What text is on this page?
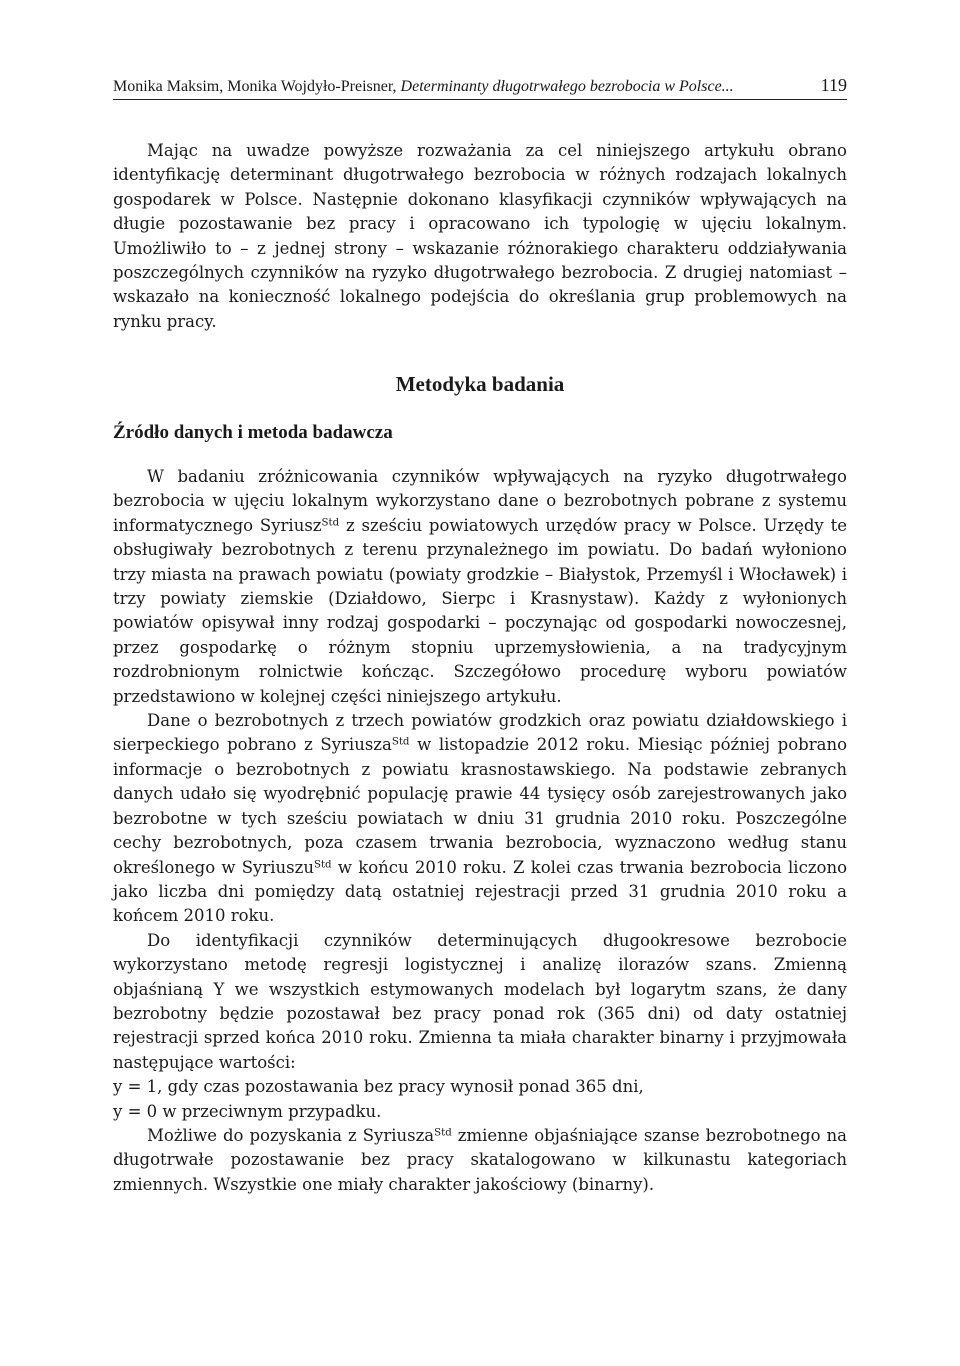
Monika Maksim, Monika Wojdyło-Preisner, Determinanty długotrwałego bezrobocia w Polsce...	119

Mając na uwadze powyższe rozważania za cel niniejszego artykułu obrano identyfikację determinant długotrwałego bezrobocia w różnych rodzajach lokalnych gospodarek w Polsce. Następnie dokonano klasyfikacji czynników wpływających na długie pozostawanie bez pracy i opracowano ich typologię w ujęciu lokalnym. Umożliwiło to – z jednej strony – wskazanie różnorakiego charakteru oddziaływania poszczególnych czynników na ryzyko długotrwałego bezrobocia. Z drugiej natomiast – wskazało na konieczność lokalnego podejścia do określania grup problemowych na rynku pracy.

Metodyka badania
Źródło danych i metoda badawcza

W badaniu zróżnicowania czynników wpływających na ryzyko długotrwałego bezrobocia w ujęciu lokalnym wykorzystano dane o bezrobotnych pobrane z systemu informatycznego Syriusz$^{Std}$ z sześciu powiatowych urzędów pracy w Polsce. Urzędy te obsługiwały bezrobotnych z terenu przynależnego im powiatu. Do badań wyłoniono trzy miasta na prawach powiatu (powiaty grodzkie – Białystok, Przemyśl i Włocławek) i trzy powiaty ziemskie (Działdowo, Sierpc i Krasnystaw). Każdy z wyłonionych powiatów opisywał inny rodzaj gospodarki – poczynając od gospodarki nowoczesnej, przez gospodarkę o różnym stopniu uprzemysłowienia, a na tradycyjnym rozdrobnionym rolnictwie kończąc. Szczegółowo procedurę wyboru powiatów przedstawiono w kolejnej części niniejszego artykułu.

Dane o bezrobotnych z trzech powiatów grodzkich oraz powiatu działdowskiego i sierpeckiego pobrano z Syriusza$^{Std}$ w listopadzie 2012 roku. Miesiąc później pobrano informacje o bezrobotnych z powiatu krasnostawskiego. Na podstawie zebranych danych udało się wyodrębnić populację prawie 44 tysięcy osób zarejestrowanych jako bezrobotne w tych sześciu powiatach w dniu 31 grudnia 2010 roku. Poszczególne cechy bezrobotnych, poza czasem trwania bezrobocia, wyznaczono według stanu określonego w Syriuszu$^{Std}$ w końcu 2010 roku. Z kolei czas trwania bezrobocia liczono jako liczba dni pomiędzy datą ostatniej rejestracji przed 31 grudnia 2010 roku a końcem 2010 roku.

Do identyfikacji czynników determinujących długookresowe bezrobocie wykorzystano metodę regresji logistycznej i analizę ilorazów szans. Zmienną objaśnianą Y we wszystkich estymowanych modelach był logarytm szans, że dany bezrobotny będzie pozostawał bez pracy ponad rok (365 dni) od daty ostatniej rejestracji sprzed końca 2010 roku. Zmienna ta miała charakter binarny i przyjmowała następujące wartości:

y = 1, gdy czas pozostawania bez pracy wynosił ponad 365 dni,

y = 0 w przeciwnym przypadku.

Możliwe do pozyskania z Syriusza$^{Std}$ zmienne objaśniające szanse bezrobotnego na długotrwałe pozostawanie bez pracy skatalogowano w kilkunastu kategoriach zmiennych. Wszystkie one miały charakter jakościowy (binarny).
